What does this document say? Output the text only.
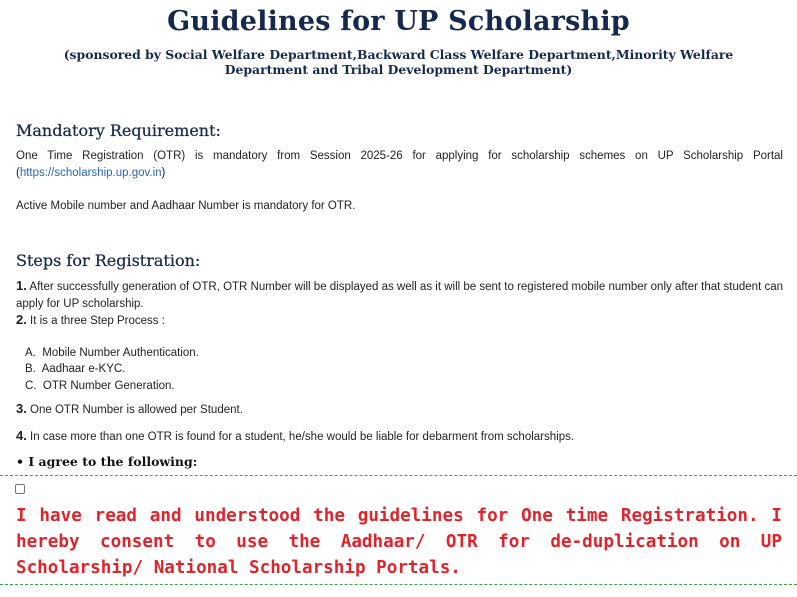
Guidelines for UP Scholarship
(sponsored by Social Welfare Department,Backward Class Welfare Department,Minority Welfare Department and Tribal Development Department)
Mandatory Requirement:
One Time Registration (OTR) is mandatory from Session 2025-26 for applying for scholarship schemes on UP Scholarship Portal (https://scholarship.up.gov.in)
Active Mobile number and Aadhaar Number is mandatory for OTR.
Steps for Registration:
1. After successfully generation of OTR, OTR Number will be displayed as well as it will be sent to registered mobile number only after that student can apply for UP scholarship.
2. It is a three Step Process :
A. Mobile Number Authentication.
B. Aadhaar e-KYC.
C. OTR Number Generation.
3. One OTR Number is allowed per Student.
4. In case more than one OTR is found for a student, he/she would be liable for debarment from scholarships.
• I agree to the following:
I have read and understood the guidelines for One time Registration. I hereby consent to use the Aadhaar/ OTR for de-duplication on UP Scholarship/ National Scholarship Portals.
